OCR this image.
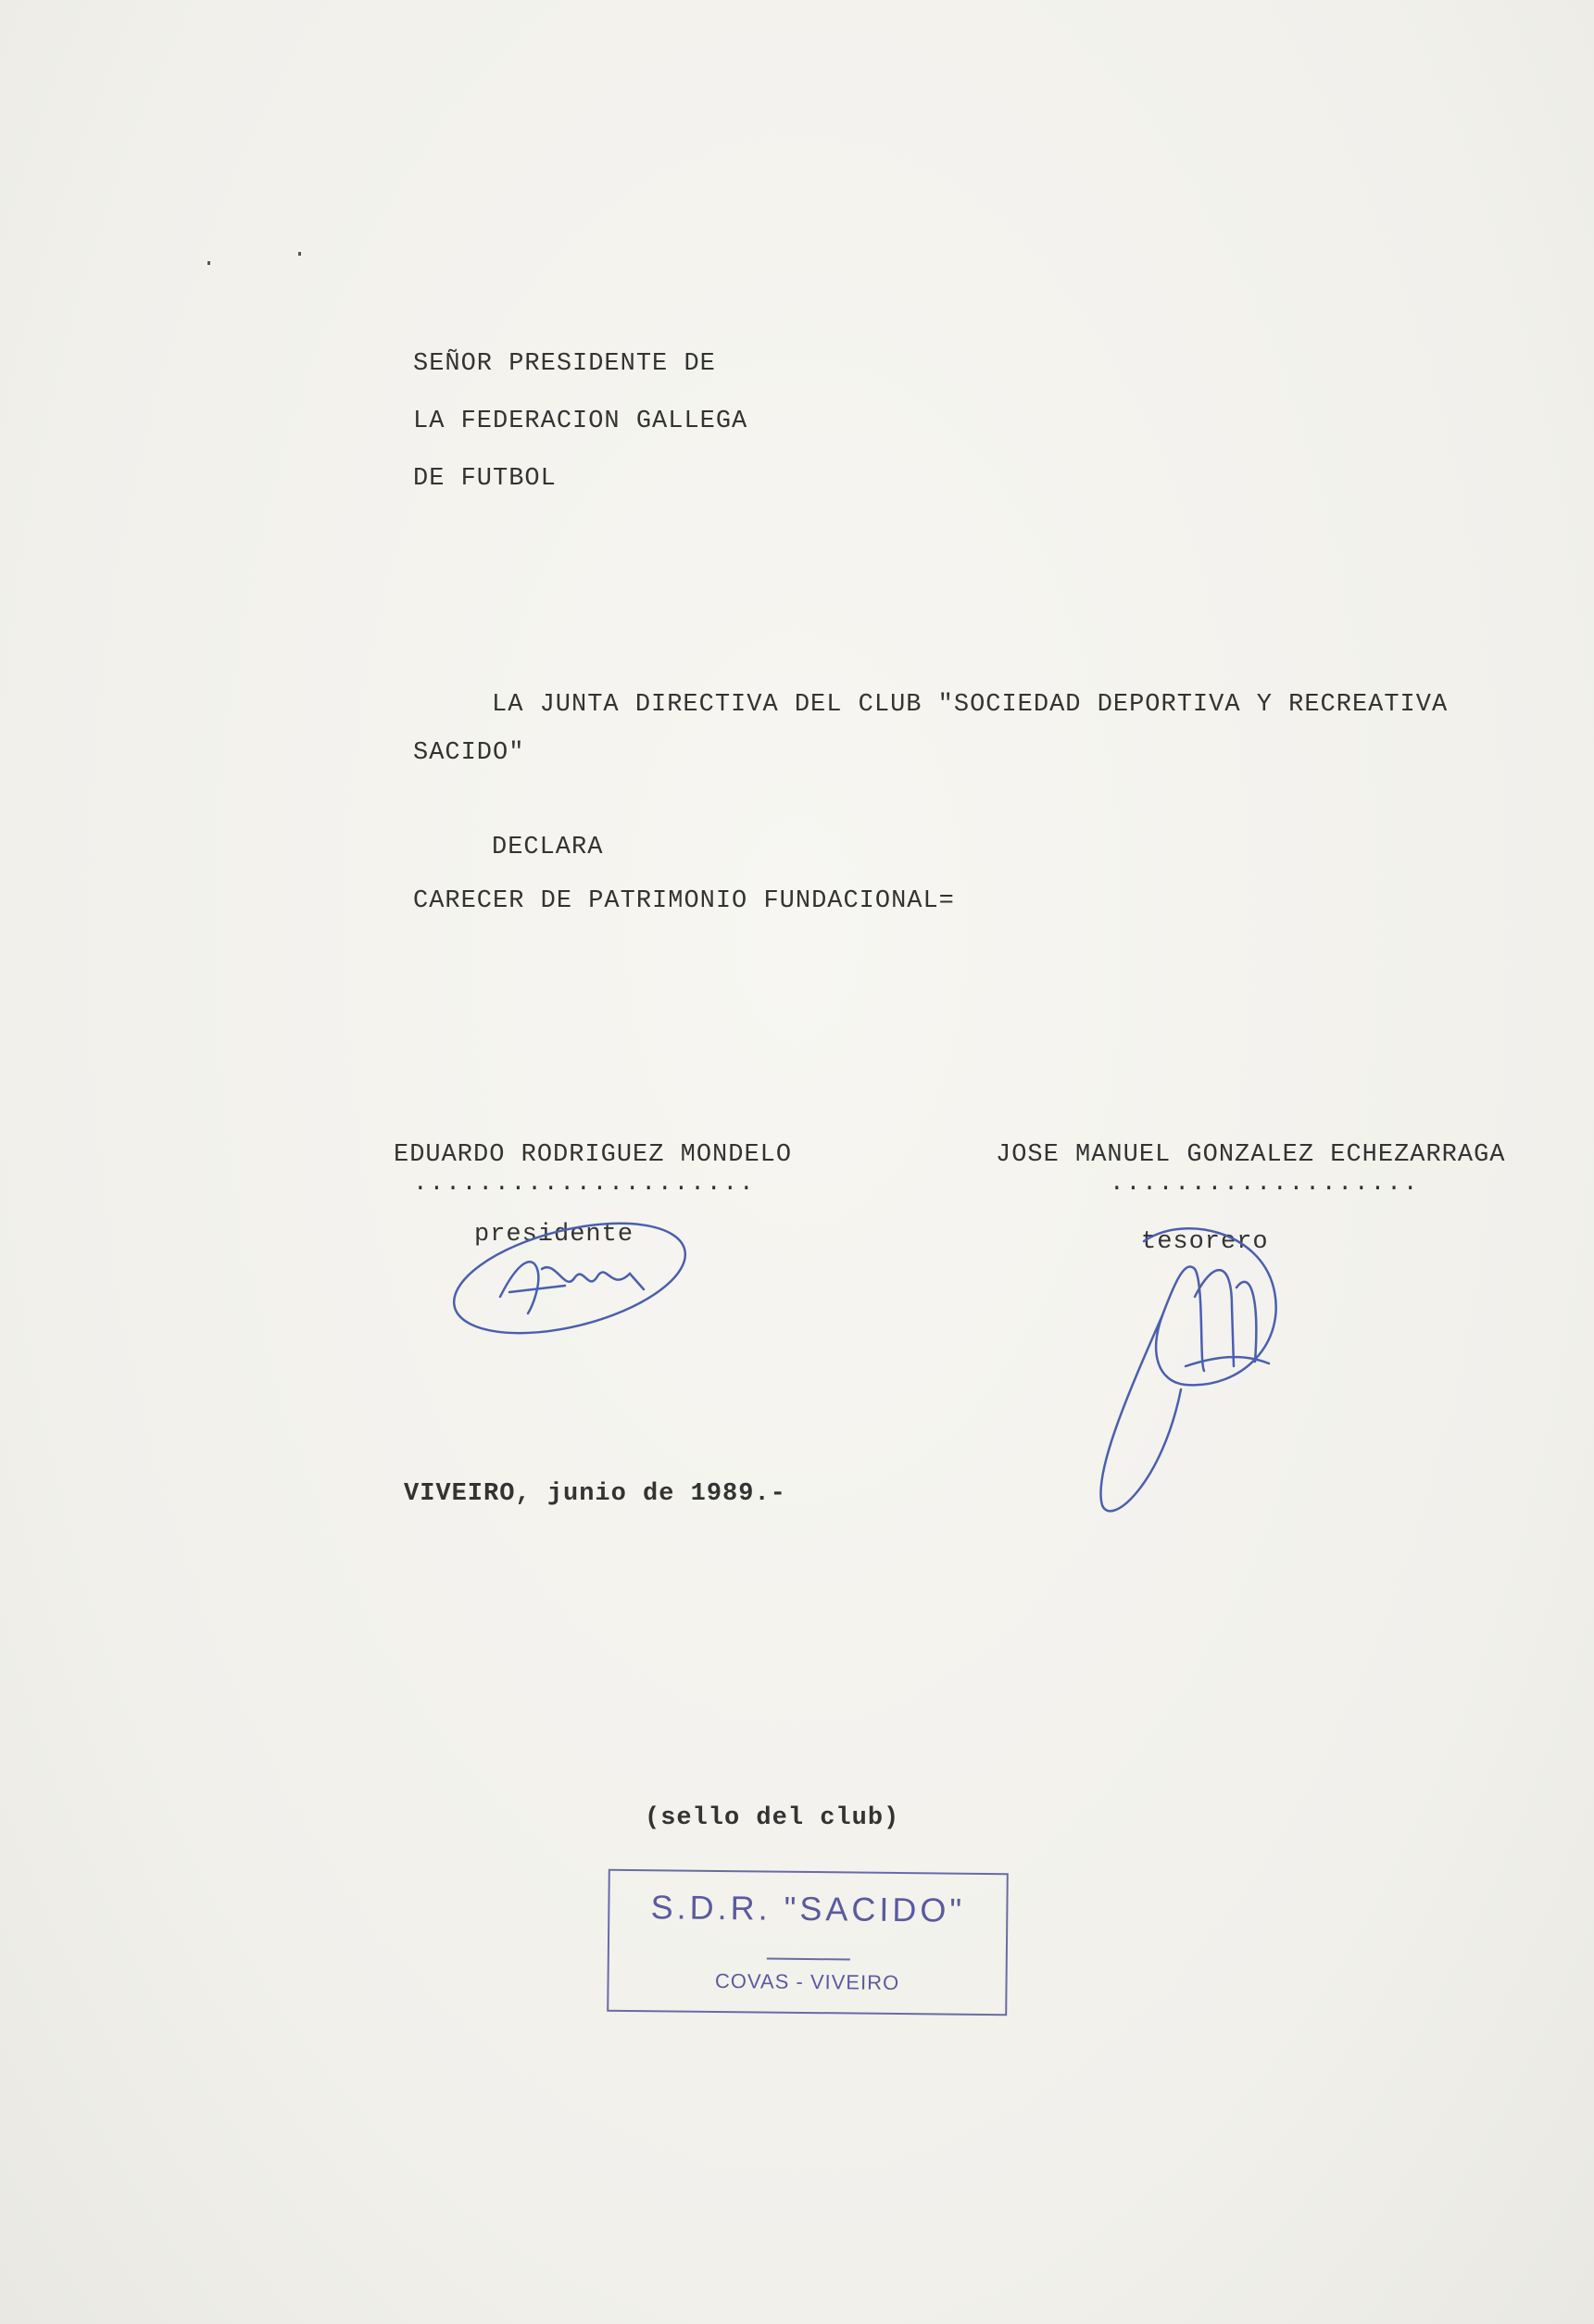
SEÑOR PRESIDENTE DE
LA FEDERACION GALLEGA
DE FUTBOL
LA JUNTA DIRECTIVA DEL CLUB "SOCIEDAD DEPORTIVA Y RECREATIVA
SACIDO"
DECLARA
CARECER DE PATRIMONIO FUNDACIONAL=
EDUARDO RODRIGUEZ MONDELO
.....................
presidente
JOSE MANUEL GONZALEZ ECHEZARRAGA
...................
tesorero
VIVEIRO, junio de 1989.-
(sello del club)
S.D.R. "SACIDO"
COVAS - VIVEIRO
